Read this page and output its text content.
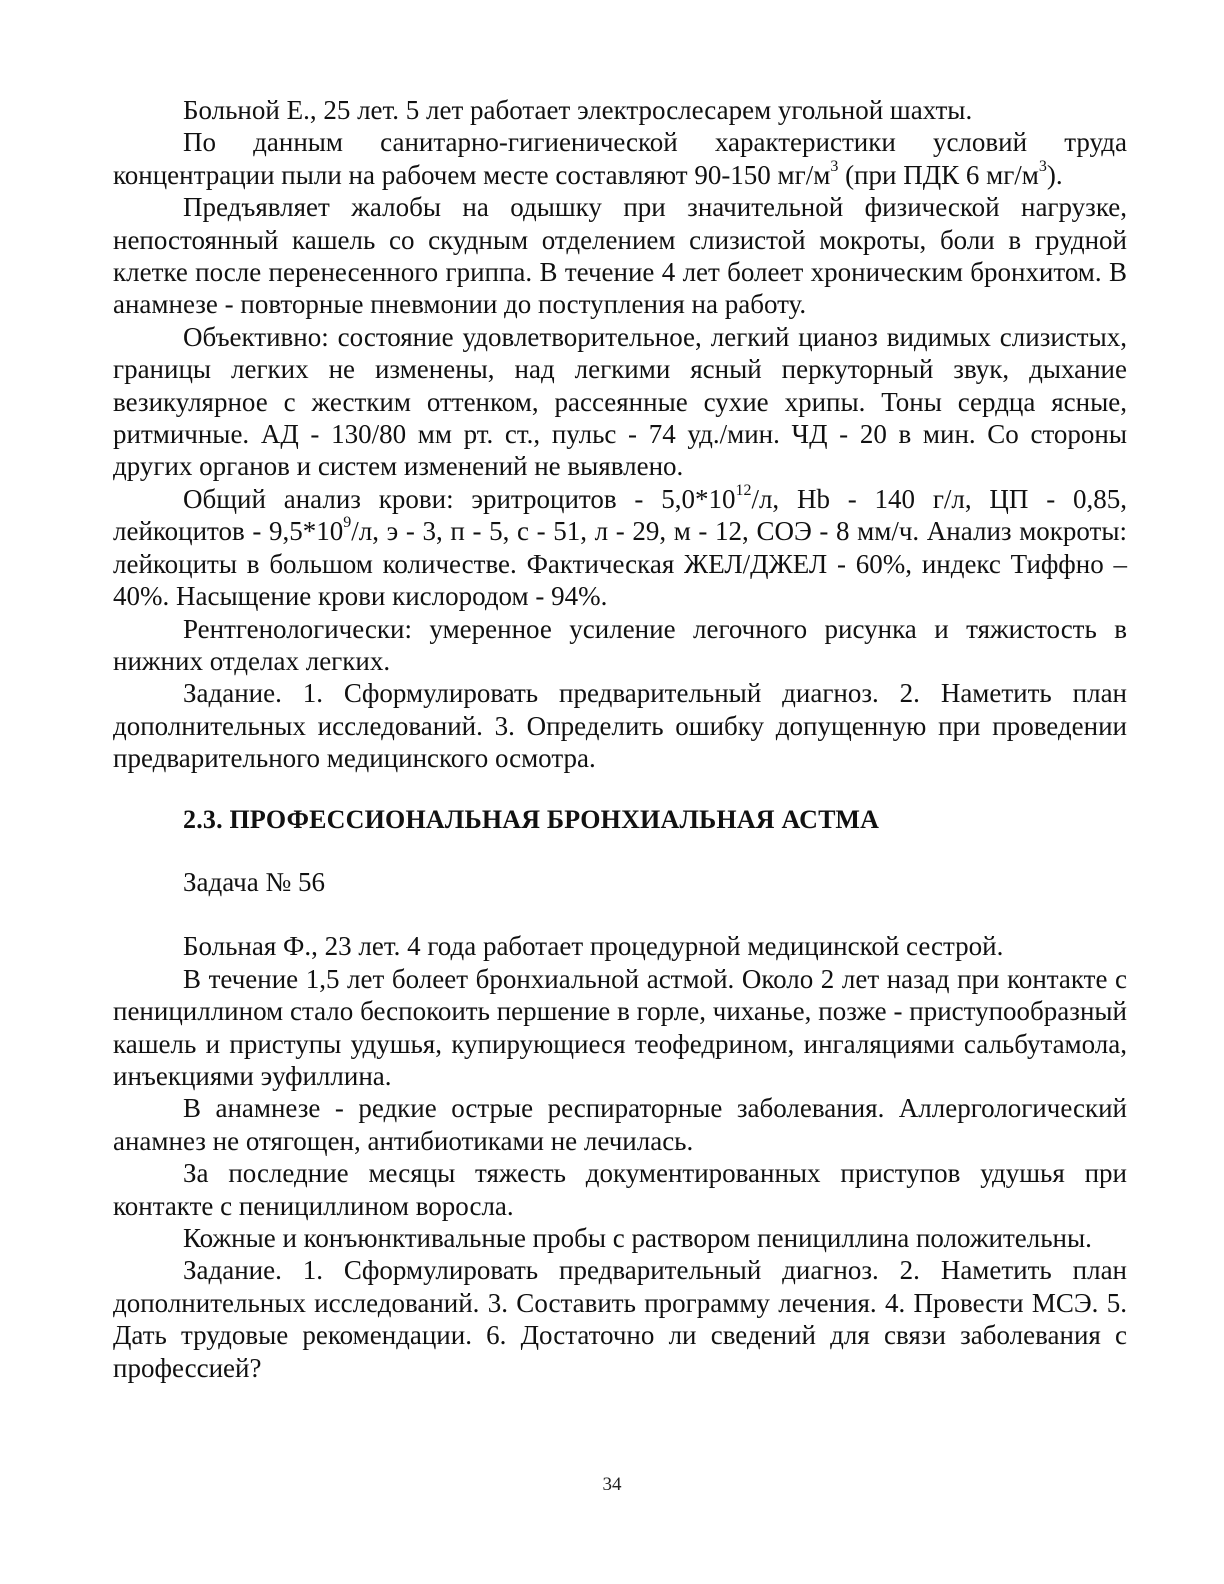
Больной Е., 25 лет. 5 лет работает электрослесарем угольной шахты.

По данным санитарно-гигиенической характеристики условий труда концентрации пыли на рабочем месте составляют 90-150 $мг/м^3$ (при ПДК 6 $мг/м^3$).

Предъявляет жалобы на одышку при значительной физической нагрузке, непостоянный кашель со скудным отделением слизистой мокроты, боли в грудной клетке после перенесенного гриппа. В течение 4 лет болеет хроническим бронхитом. В анамнезе - повторные пневмонии до поступления на работу.

Объективно: состояние удовлетворительное, легкий цианоз видимых слизистых, границы легких не изменены, над легкими ясный перкуторный звук, дыхание везикулярное с жестким оттенком, рассеянные сухие хрипы. Тоны сердца ясные, ритмичные. АД - 130/80 мм рт. ст., пульс - 74 уд./мин. ЧД - 20 в мин. Со стороны других органов и систем изменений не выявлено.

Общий анализ крови: эритроцитов - $5,0*10^{12}/л$, Hb - 140 г/л, ЦП - 0,85, лейкоцитов - $9,5*10^9/л$, э - 3, п - 5, с - 51, л - 29, м - 12, СОЭ - 8 мм/ч. Анализ мокроты: лейкоциты в большом количестве. Фактическая ЖЕЛ/ДЖЕЛ - 60%, индекс Тиффно – 40%. Насыщение крови кислородом - 94%.

Рентгенологически: умеренное усиление легочного рисунка и тяжистость в нижних отделах легких.

Задание. 1. Сформулировать предварительный диагноз. 2. Наметить план дополнительных исследований. 3. Определить ошибку допущенную при проведении предварительного медицинского осмотра.

2.3. ПРОФЕССИОНАЛЬНАЯ БРОНХИАЛЬНАЯ АСТМА
Задача № 56

Больная Ф., 23 лет. 4 года работает процедурной медицинской сестрой.

В течение 1,5 лет болеет бронхиальной астмой. Около 2 лет назад при контакте с пенициллином стало беспокоить першение в горле, чиханье, позже - приступообразный кашель и приступы удушья, купирующиеся теофедрином, ингаляциями сальбутамола, инъекциями эуфиллина.

В анамнезе - редкие острые респираторные заболевания. Аллергологический анамнез не отягощен, антибиотиками не лечилась.

За последние месяцы тяжесть документированных приступов удушья при контакте с пенициллином воросла.

Кожные и конъюнктивальные пробы с раствором пенициллина положительны.

Задание. 1. Сформулировать предварительный диагноз. 2. Наметить план дополнительных исследований. 3. Составить программу лечения. 4. Провести МСЭ. 5. Дать трудовые рекомендации. 6. Достаточно ли сведений для связи заболевания с профессией?

34
